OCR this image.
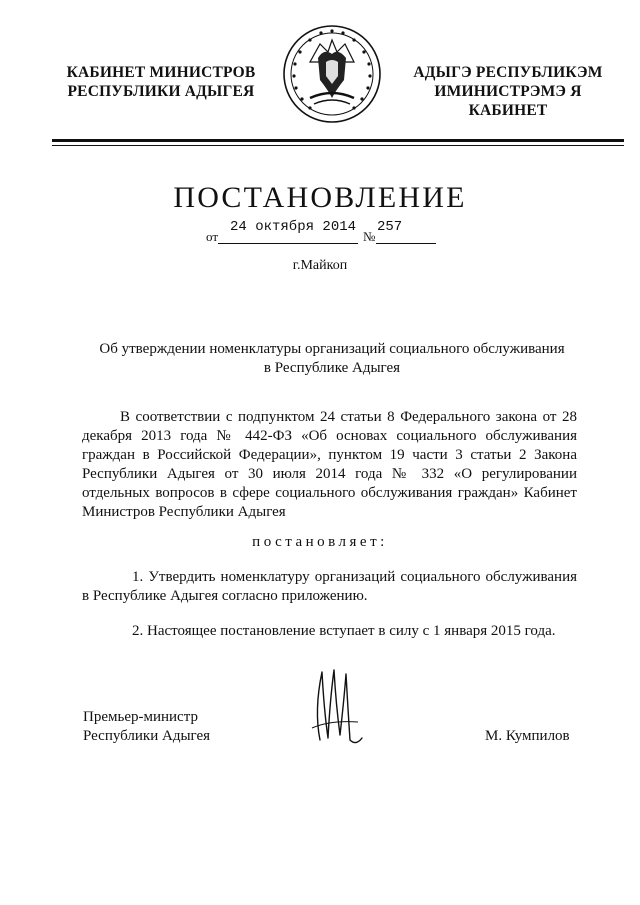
КАБИНЕТ МИНИСТРОВ
РЕСПУБЛИКИ АДЫГЕЯ
АДЫГЭ РЕСПУБЛИКЭМ
ИМИНИСТРЭМЭ Я КАБИНЕТ
ПОСТАНОВЛЕНИЕ
от
24 октября 2014
№
257
г.Майкоп
Об утверждении номенклатуры организаций социального обслуживания
в Республике Адыгея
В соответствии с подпунктом 24 статьи 8 Федерального закона от 28 декабря 2013 года № 442-ФЗ «Об основах социального обслуживания граждан в Российской Федерации», пунктом 19 части 3 статьи 2 Закона Республики Адыгея от 30 июля 2014 года № 332 «О регулировании отдельных вопросов в сфере социального обслуживания граждан» Кабинет Министров Республики Адыгея
постановляет:
1. Утвердить номенклатуру организаций социального обслуживания в Республике Адыгея согласно приложению.
2. Настоящее постановление вступает в силу с 1 января 2015 года.
Премьер-министр
Республики Адыгея	М. Кумпилов
